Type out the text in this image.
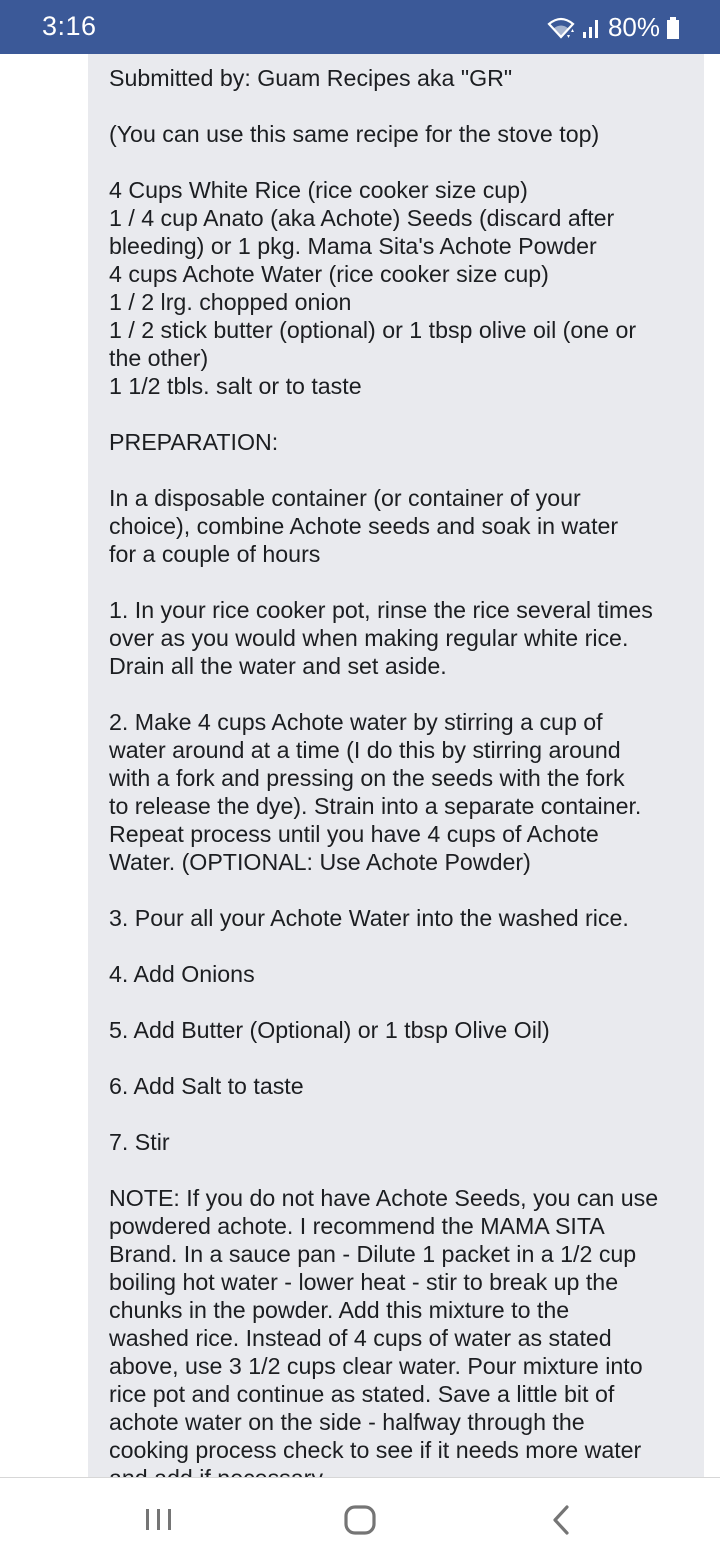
3:16	80%
Submitted by: Guam Recipes aka "GR"
(You can use this same recipe for the stove top)
4 Cups White Rice (rice cooker size cup)
1 / 4 cup Anato (aka Achote) Seeds (discard after
bleeding) or 1 pkg. Mama Sita's Achote Powder
4 cups Achote Water (rice cooker size cup)
1 / 2 lrg. chopped onion
1 / 2 stick butter (optional) or 1 tbsp olive oil (one or
the other)
1 1/2 tbls. salt or to taste
PREPARATION:
In a disposable container (or container of your
choice), combine Achote seeds and soak in water
for a couple of hours
1. In your rice cooker pot, rinse the rice several times
over as you would when making regular white rice.
Drain all the water and set aside.
2. Make 4 cups Achote water by stirring a cup of
water around at a time (I do this by stirring around
with a fork and pressing on the seeds with the fork
to release the dye). Strain into a separate container.
Repeat process until you have 4 cups of Achote
Water. (OPTIONAL: Use Achote Powder)
3. Pour all your Achote Water into the washed rice.
4. Add Onions
5. Add Butter (Optional) or 1 tbsp Olive Oil)
6. Add Salt to taste
7. Stir
NOTE: If you do not have Achote Seeds, you can use
powdered achote. I recommend the MAMA SITA
Brand. In a sauce pan - Dilute 1 packet in a 1/2 cup
boiling hot water - lower heat - stir to break up the
chunks in the powder. Add this mixture to the
washed rice. Instead of 4 cups of water as stated
above, use 3 1/2 cups clear water. Pour mixture into
rice pot and continue as stated. Save a little bit of
achote water on the side - halfway through the
cooking process check to see if it needs more water
